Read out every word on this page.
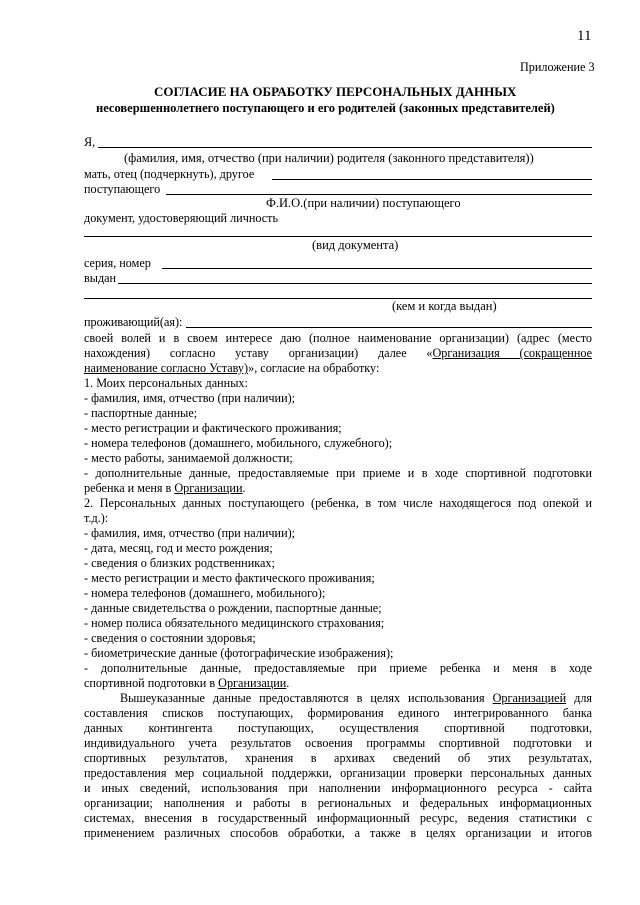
11
Приложение 3
СОГЛАСИЕ НА ОБРАБОТКУ ПЕРСОНАЛЬНЫХ ДАННЫХ
несовершеннолетнего поступающего и его родителей (законных представителей)
Я,
(фамилия, имя, отчество (при наличии) родителя (законного представителя))
мать, отец (подчеркнуть), другое
поступающего
Ф.И.О.(при наличии) поступающего
документ, удостоверяющий личность
(вид документа)
серия, номер
выдан
(кем и когда выдан)
проживающий(ая):
своей волей и в своем интересе даю (полное наименование организации) (адрес (место
нахождения) согласно уставу организации) далее «Организация (сокращенное
наименование согласно Уставу)», согласие на обработку:
1. Моих персональных данных:
- фамилия, имя, отчество (при наличии);
- паспортные данные;
- место регистрации и фактического проживания;
- номера телефонов (домашнего, мобильного, служебного);
- место работы, занимаемой должности;
- дополнительные данные, предоставляемые при приеме и в ходе спортивной подготовки
ребенка и меня в Организации.
2. Персональных данных поступающего (ребенка, в том числе находящегося под опекой и
т.д.):
- фамилия, имя, отчество (при наличии);
- дата, месяц, год и место рождения;
- сведения о близких родственниках;
- место регистрации и место фактического проживания;
- номера телефонов (домашнего, мобильного);
- данные свидетельства о рождении, паспортные данные;
- номер полиса обязательного медицинского страхования;
- сведения о состоянии здоровья;
- биометрические данные (фотографические изображения);
- дополнительные данные, предоставляемые при приеме ребенка и меня в ходе
спортивной подготовки в Организации.
Вышеуказанные данные предоставляются в целях использования Организацией для
составления списков поступающих, формирования единого интегрированного банка
данных контингента поступающих, осуществления спортивной подготовки,
индивидуального учета результатов освоения программы спортивной подготовки и
спортивных результатов, хранения в архивах сведений об этих результатах,
предоставления мер социальной поддержки, организации проверки персональных данных
и иных сведений, использования при наполнении информационного ресурса - сайта
организации; наполнения и работы в региональных и федеральных информационных
системах, внесения в государственный информационный ресурс, ведения статистики с
применением различных способов обработки, а также в целях организации и итогов
